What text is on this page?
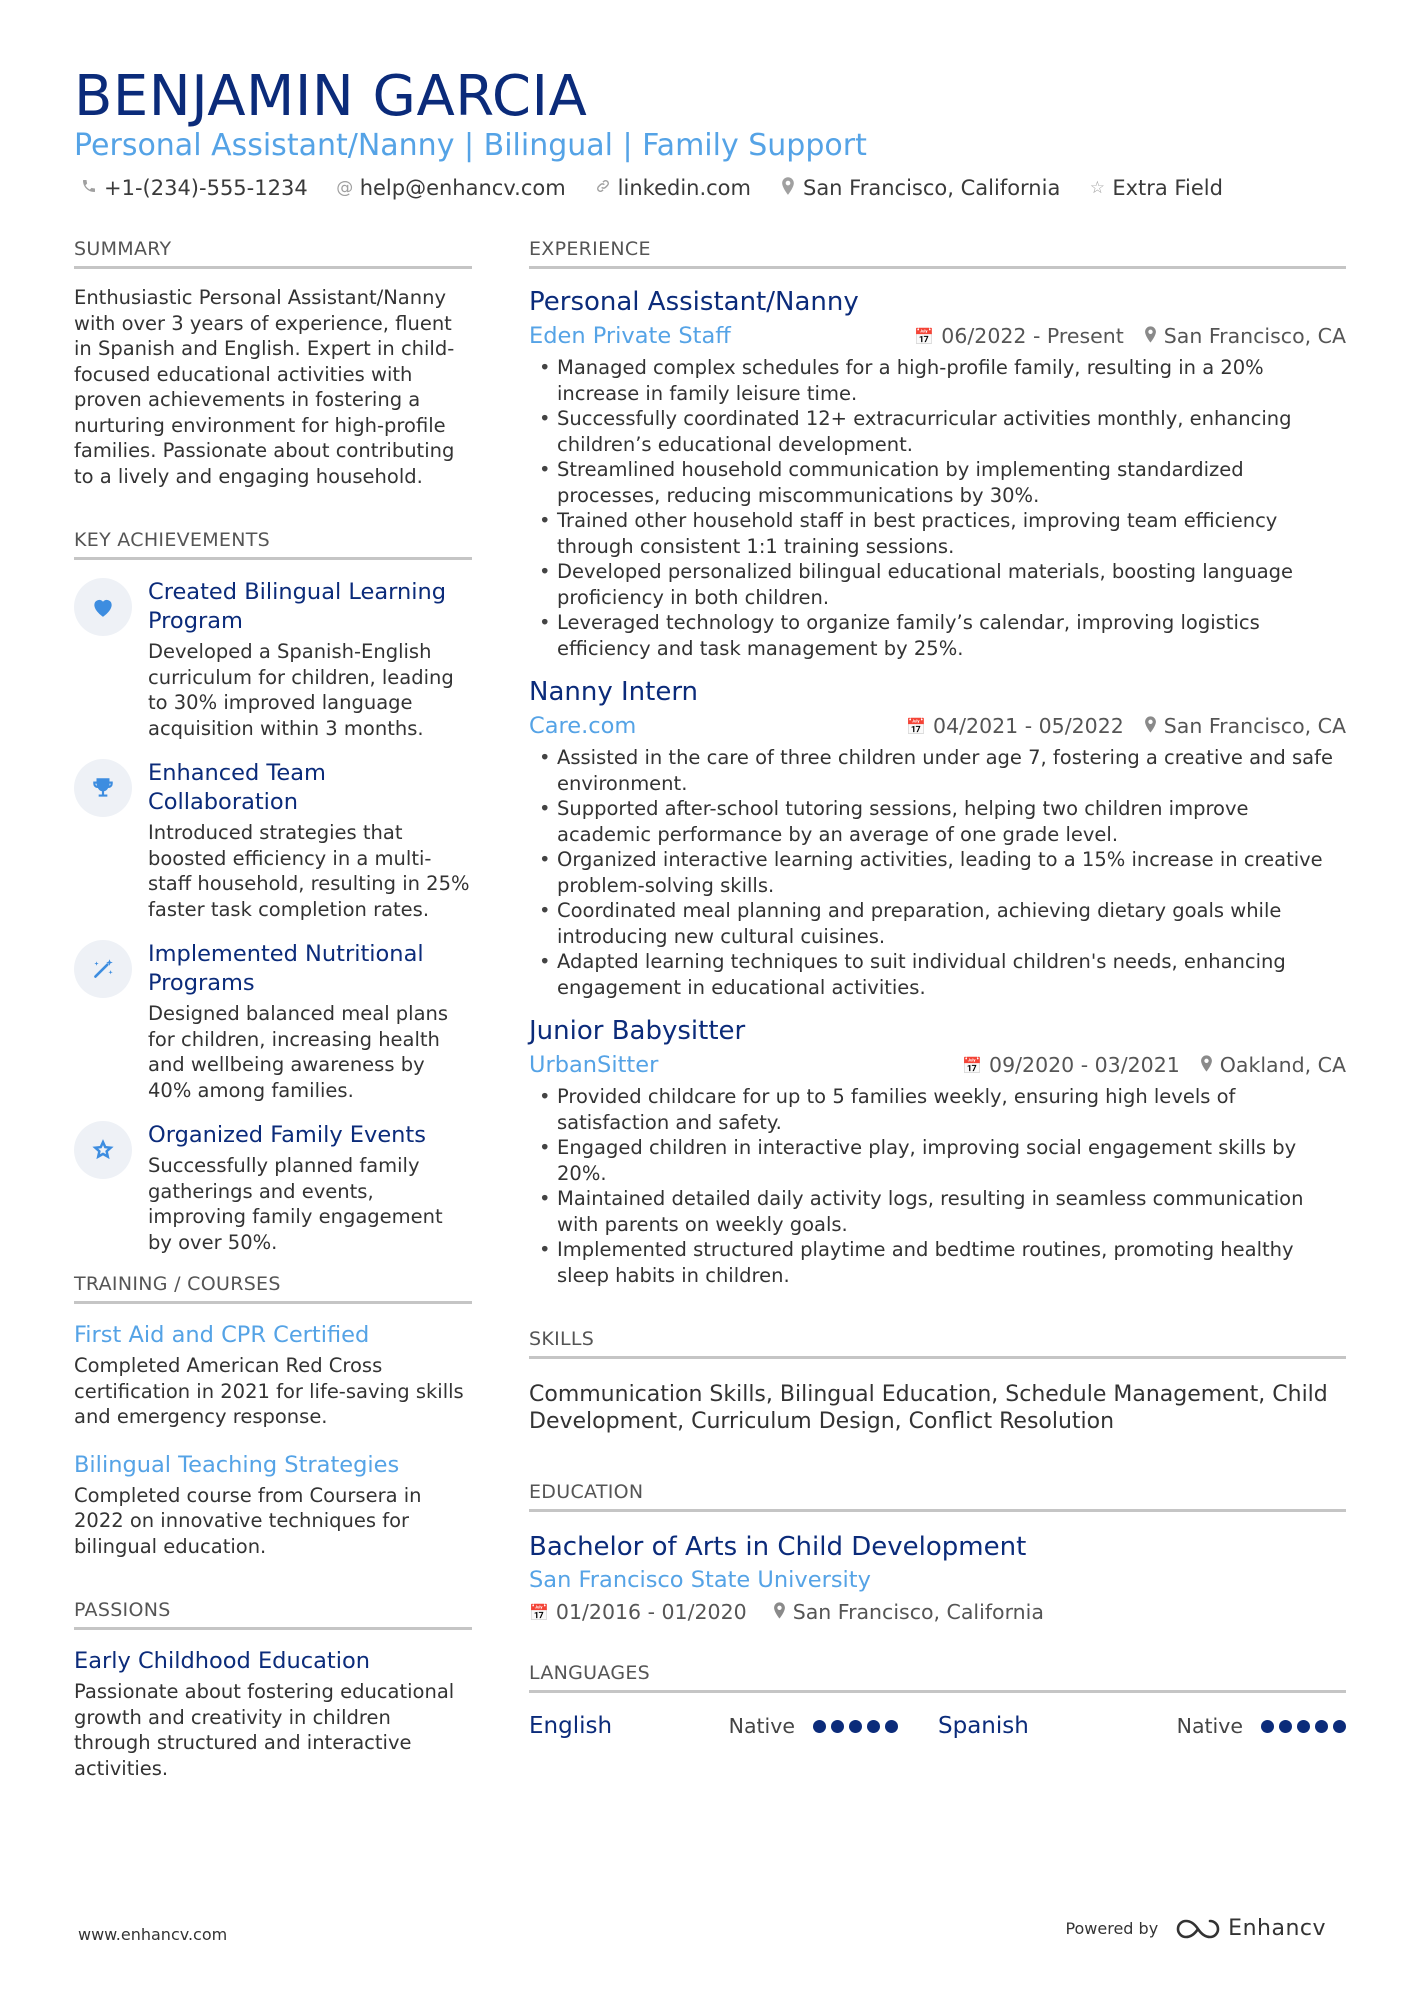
BENJAMIN GARCIA
Personal Assistant/Nanny | Bilingual | Family Support
+1-(234)-555-1234 @ help@enhancv.com linkedin.com San Francisco, California ☆ Extra Field
SUMMARY
Enthusiastic Personal Assistant/Nanny with over 3 years of experience, fluent in Spanish and English. Expert in child-focused educational activities with proven achievements in fostering a nurturing environment for high-profile families. Passionate about contributing to a lively and engaging household.
KEY ACHIEVEMENTS
Created Bilingual Learning Program
Developed a Spanish-English curriculum for children, leading to 30% improved language acquisition within 3 months.
Enhanced Team Collaboration
Introduced strategies that boosted efficiency in a multi-staff household, resulting in 25% faster task completion rates.
Implemented Nutritional Programs
Designed balanced meal plans for children, increasing health and wellbeing awareness by 40% among families.
Organized Family Events
Successfully planned family gatherings and events, improving family engagement by over 50%.
TRAINING / COURSES
First Aid and CPR Certified
Completed American Red Cross certification in 2021 for life-saving skills and emergency response.
Bilingual Teaching Strategies
Completed course from Coursera in 2022 on innovative techniques for bilingual education.
PASSIONS
Early Childhood Education
Passionate about fostering educational growth and creativity in children through structured and interactive activities.
EXPERIENCE
Personal Assistant/Nanny
Eden Private Staff	📅 06/2022 - Present San Francisco, CA
• Managed complex schedules for a high-profile family, resulting in a 20% increase in family leisure time.
• Successfully coordinated 12+ extracurricular activities monthly, enhancing children’s educational development.
• Streamlined household communication by implementing standardized processes, reducing miscommunications by 30%.
• Trained other household staff in best practices, improving team efficiency through consistent 1:1 training sessions.
• Developed personalized bilingual educational materials, boosting language proficiency in both children.
• Leveraged technology to organize family’s calendar, improving logistics efficiency and task management by 25%.
Nanny Intern
Care.com	📅 04/2021 - 05/2022 San Francisco, CA
• Assisted in the care of three children under age 7, fostering a creative and safe environment.
• Supported after-school tutoring sessions, helping two children improve academic performance by an average of one grade level.
• Organized interactive learning activities, leading to a 15% increase in creative problem-solving skills.
• Coordinated meal planning and preparation, achieving dietary goals while introducing new cultural cuisines.
• Adapted learning techniques to suit individual children's needs, enhancing engagement in educational activities.
Junior Babysitter
UrbanSitter	📅 09/2020 - 03/2021 Oakland, CA
• Provided childcare for up to 5 families weekly, ensuring high levels of satisfaction and safety.
• Engaged children in interactive play, improving social engagement skills by 20%.
• Maintained detailed daily activity logs, resulting in seamless communication with parents on weekly goals.
• Implemented structured playtime and bedtime routines, promoting healthy sleep habits in children.
SKILLS
Communication Skills, Bilingual Education, Schedule Management, Child Development, Curriculum Design, Conflict Resolution
EDUCATION
Bachelor of Arts in Child Development
San Francisco State University
📅 01/2016 - 01/2020 San Francisco, California
LANGUAGES
English	Native	Spanish	Native
www.enhancv.com	Powered by	Enhancv
